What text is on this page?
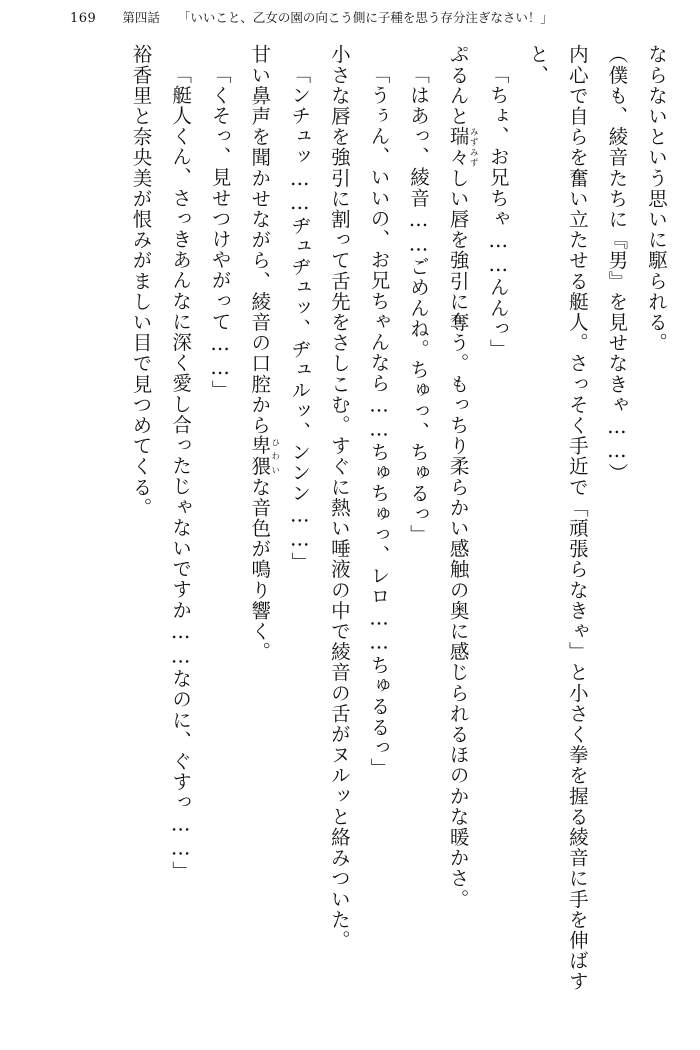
169 第四話 「いいこと、乙女の園の向こう側に子種を思う存分注ぎなさい！」

ならないという思いに駆られる。

（僕も、綾音たちに『男』を見せなきゃ……）

内心で自らを奮い立たせる艇人。さっそく手近で「頑張らなきゃ」と小さく拳を握る綾音に手を伸ばすと、

「ちょ、お兄ちゃ……んんっ」

ぷるんと瑞々みずみずしい唇を強引に奪う。もっちり柔らかい感触の奥に感じられるほのかな暖かさ。

「はあっ、綾音……ごめんね。ちゅっ、ちゅるっ」

「うぅん、いいの、お兄ちゃんなら……ちゅちゅっ、レロ……ちゅるるっ」

小さな唇を強引に割って舌先をさしこむ。すぐに熱い唾液の中で綾音の舌がヌルッと絡みついた。

「ンチュッ……ヂュヂュッ、ヂュルッ、ンンン……」

甘い鼻声を聞かせながら、綾音の口腔から卑猥ひわいな音色が鳴り響く。

「くそっ、見せつけやがって……」

「艇人くん、さっきあんなに深く愛し合ったじゃないですか……なのに、ぐすっ……」

裕香里と奈央美が恨みがましい目で見つめてくる。
